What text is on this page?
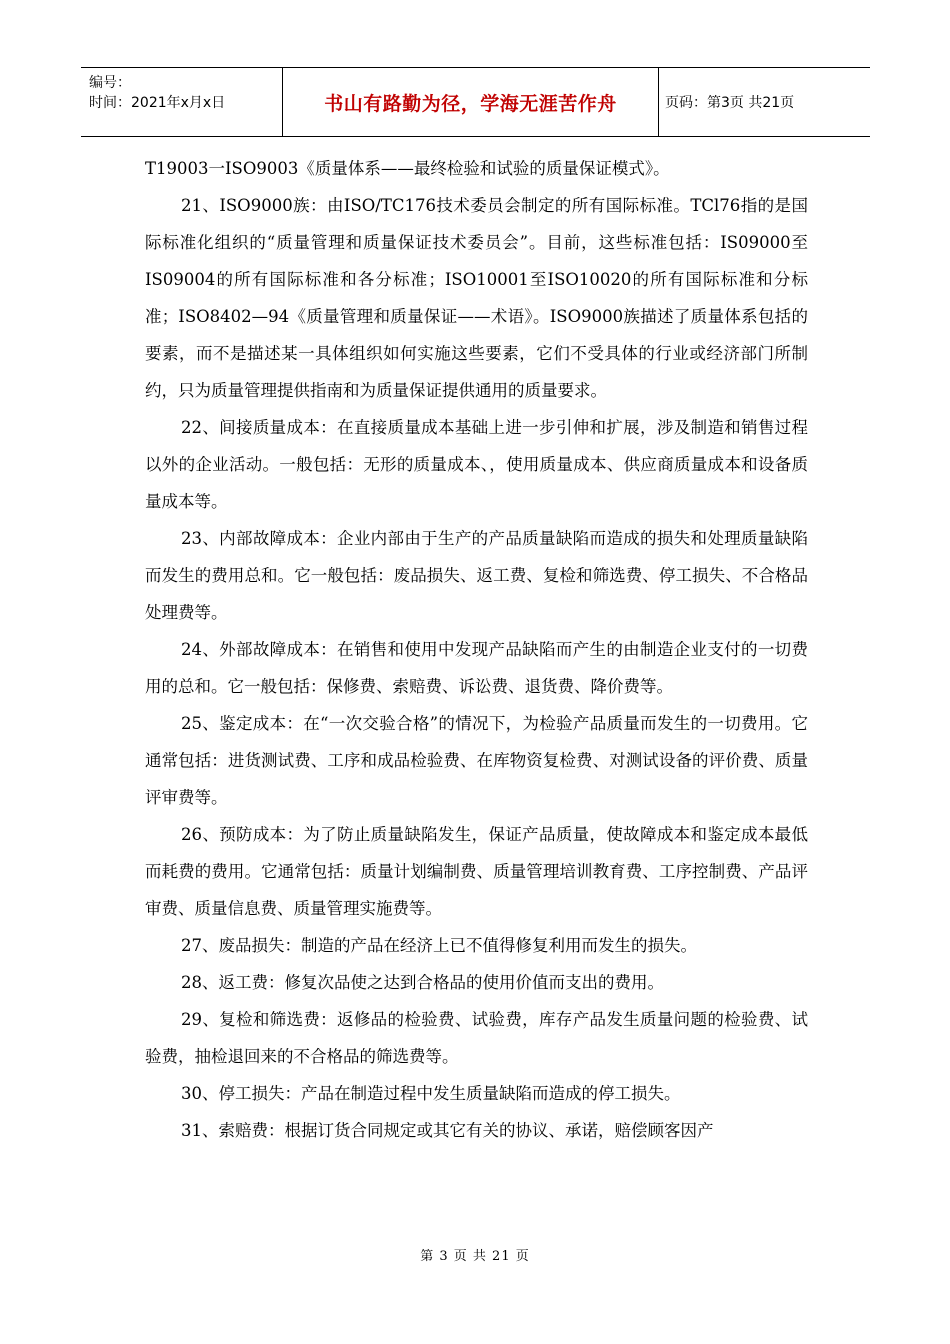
编号：
时间：2021年x月x日	书山有路勤为径，学海无涯苦作舟	页码：第3页 共21页

T19003一ISO9003《质量体系——最终检验和试验的质量保证模式》。

21、ISO9000族：由ISO/TC176技术委员会制定的所有国际标准。TCl76指的是国际标准化组织的“质量管理和质量保证技术委员会”。目前，这些标准包括：IS09000至IS09004的所有国际标准和各分标准；ISO10001至ISO10020的所有国际标准和分标准；ISO8402—94《质量管理和质量保证——术语》。ISO9000族描述了质量体系包括的要素，而不是描述某一具体组织如何实施这些要素，它们不受具体的行业或经济部门所制约，只为质量管理提供指南和为质量保证提供通用的质量要求。

22、间接质量成本：在直接质量成本基础上进一步引伸和扩展，涉及制造和销售过程以外的企业活动。一般包括：无形的质量成本、，使用质量成本、供应商质量成本和设备质量成本等。

23、内部故障成本：企业内部由于生产的产品质量缺陷而造成的损失和处理质量缺陷而发生的费用总和。它一般包括：废品损失、返工费、复检和筛选费、停工损失、不合格品处理费等。

24、外部故障成本：在销售和使用中发现产品缺陷而产生的由制造企业支付的一切费用的总和。它一般包括：保修费、索赔费、诉讼费、退货费、降价费等。

25、鉴定成本：在“一次交验合格”的情况下，为检验产品质量而发生的一切费用。它通常包括：进货测试费、工序和成品检验费、在库物资复检费、对测试设备的评价费、质量评审费等。

26、预防成本：为了防止质量缺陷发生，保证产品质量，使故障成本和鉴定成本最低而耗费的费用。它通常包括：质量计划编制费、质量管理培训教育费、工序控制费、产品评审费、质量信息费、质量管理实施费等。

27、废品损失：制造的产品在经济上已不值得修复利用而发生的损失。

28、返工费：修复次品使之达到合格品的使用价值而支出的费用。

29、复检和筛选费：返修品的检验费、试验费，库存产品发生质量问题的检验费、试验费，抽检退回来的不合格品的筛选费等。

30、停工损失：产品在制造过程中发生质量缺陷而造成的停工损失。

31、索赔费：根据订货合同规定或其它有关的协议、承诺，赔偿顾客因产

第 3 页 共 21 页
